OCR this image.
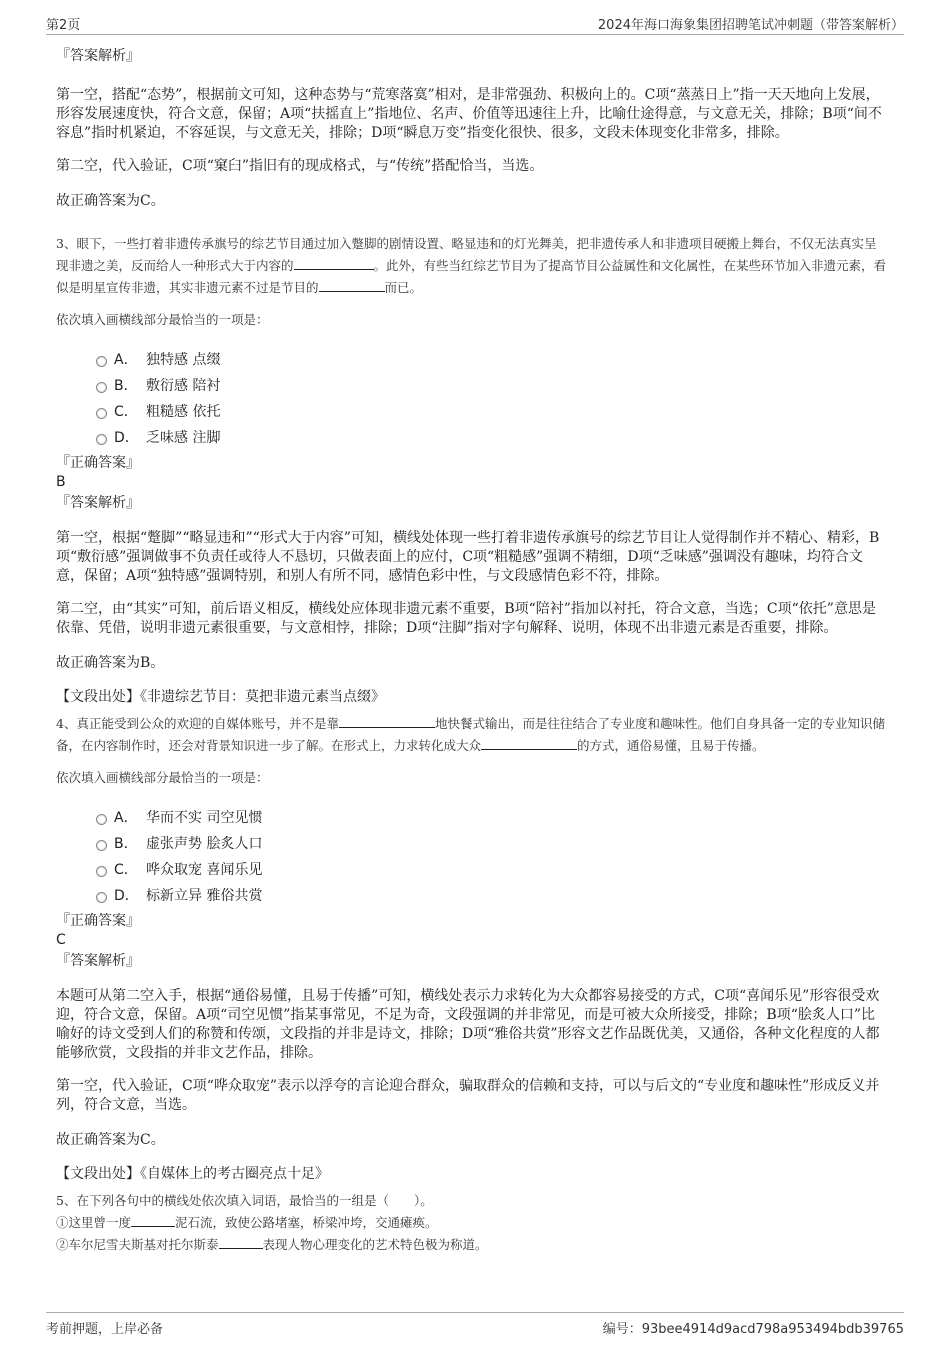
第2页	2024年海口海象集团招聘笔试冲刺题（带答案解析）
『答案解析』
第一空，搭配“态势”，根据前文可知，这种态势与“荒寒落寞”相对，是非常强劲、积极向上的。C项“蒸蒸日上”指一天天地向上发展，形容发展速度快，符合文意，保留；A项“扶摇直上”指地位、名声、价值等迅速往上升，比喻仕途得意，与文意无关，排除；B项“间不容息”指时机紧迫，不容延误，与文意无关，排除；D项“瞬息万变”指变化很快、很多，文段未体现变化非常多，排除。
第二空，代入验证，C项“窠臼”指旧有的现成格式，与“传统”搭配恰当，当选。
故正确答案为C。
3、眼下，一些打着非遗传承旗号的综艺节目通过加入蹩脚的剧情设置、略显违和的灯光舞美，把非遗传承人和非遗项目硬搬上舞台，不仅无法真实呈现非遗之美，反而给人一种形式大于内容的	。此外，有些当红综艺节目为了提高节目公益属性和文化属性，在某些环节加入非遗元素，看似是明星宣传非遗，其实非遗元素不过是节目的	而已。
依次填入画横线部分最恰当的一项是：
A． 独特感 点缀
B． 敷衍感 陪衬
C． 粗糙感 依托
D． 乏味感 注脚
『正确答案』
B
『答案解析』
第一空，根据“蹩脚”“略显违和”“形式大于内容”可知，横线处体现一些打着非遗传承旗号的综艺节目让人觉得制作并不精心、精彩，B项“敷衍感”强调做事不负责任或待人不恳切，只做表面上的应付，C项“粗糙感”强调不精细，D项“乏味感”强调没有趣味，均符合文意，保留；A项“独特感”强调特别，和别人有所不同，感情色彩中性，与文段感情色彩不符，排除。
第二空，由“其实”可知，前后语义相反，横线处应体现非遗元素不重要，B项“陪衬”指加以衬托，符合文意，当选；C项“依托”意思是依靠、凭借，说明非遗元素很重要，与文意相悖，排除；D项“注脚”指对字句解释、说明，体现不出非遗元素是否重要，排除。
故正确答案为B。
【文段出处】《非遗综艺节目：莫把非遗元素当点缀》
4、真正能受到公众的欢迎的自媒体账号，并不是靠	地快餐式输出，而是往往结合了专业度和趣味性。他们自身具备一定的专业知识储备，在内容制作时，还会对背景知识进一步了解。在形式上，力求转化成大众	的方式，通俗易懂，且易于传播。
依次填入画横线部分最恰当的一项是：
A． 华而不实 司空见惯
B． 虚张声势 脍炙人口
C． 哗众取宠 喜闻乐见
D． 标新立异 雅俗共赏
『正确答案』
C
『答案解析』
本题可从第二空入手，根据“通俗易懂，且易于传播”可知，横线处表示力求转化为大众都容易接受的方式，C项“喜闻乐见”形容很受欢迎，符合文意，保留。A项“司空见惯”指某事常见，不足为奇，文段强调的并非常见，而是可被大众所接受，排除；B项“脍炙人口”比喻好的诗文受到人们的称赞和传颂，文段指的并非是诗文，排除；D项“雅俗共赏”形容文艺作品既优美，又通俗，各种文化程度的人都能够欣赏，文段指的并非文艺作品，排除。
第一空，代入验证，C项“哗众取宠”表示以浮夸的言论迎合群众，骗取群众的信赖和支持，可以与后文的“专业度和趣味性”形成反义并列，符合文意，当选。
故正确答案为C。
【文段出处】《自媒体上的考古圈亮点十足》
5、在下列各句中的横线处依次填入词语，最恰当的一组是（　　）。
①这里曾一度	泥石流，致使公路堵塞，桥梁冲垮，交通瘫痪。
②车尔尼雪夫斯基对托尔斯泰	表现人物心理变化的艺术特色极为称道。
考前押题，上岸必备	编号：93bee4914d9acd798a953494bdb39765
